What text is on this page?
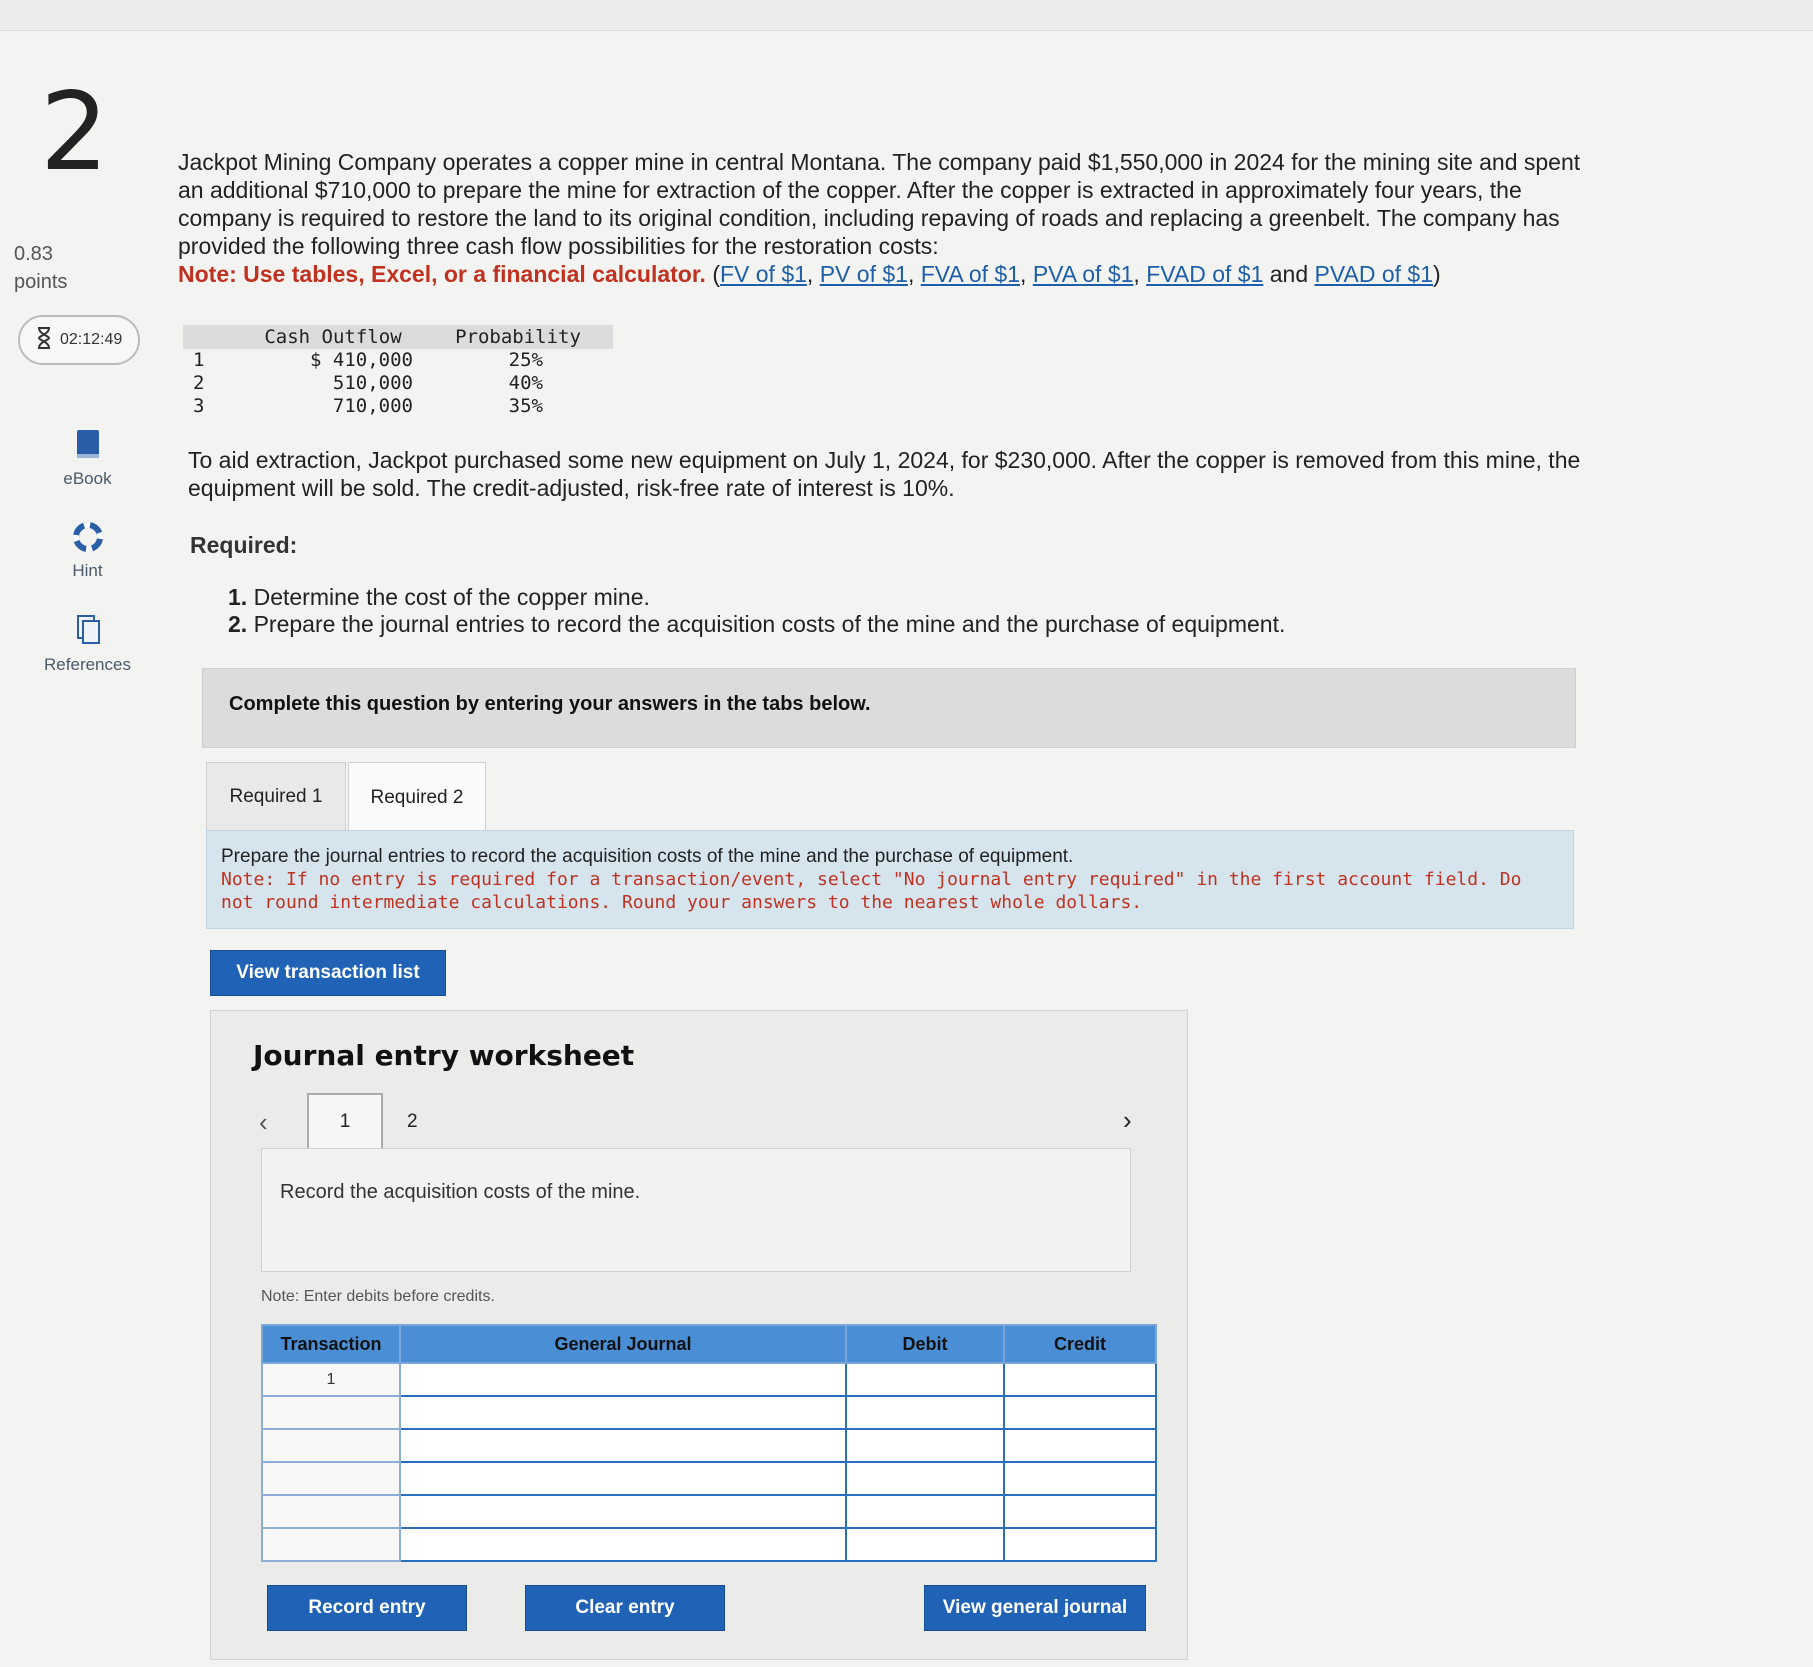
2
0.83
points
02:12:49
eBook
Hint
References
Jackpot Mining Company operates a copper mine in central Montana. The company paid $1,550,000 in 2024 for the mining site and spent an additional $710,000 to prepare the mine for extraction of the copper. After the copper is extracted in approximately four years, the company is required to restore the land to its original condition, including repaving of roads and replacing a greenbelt. The company has provided the following three cash flow possibilities for the restoration costs:
Note: Use tables, Excel, or a financial calculator. (FV of $1, PV of $1, FVA of $1, PVA of $1, FVAD of $1 and PVAD of $1)
	Cash Outflow	Probability
1	$ 410,000	25%
2	510,000	40%
3	710,000	35%
To aid extraction, Jackpot purchased some new equipment on July 1, 2024, for $230,000. After the copper is removed from this mine, the equipment will be sold. The credit-adjusted, risk-free rate of interest is 10%.
Required:
1. Determine the cost of the copper mine.
2. Prepare the journal entries to record the acquisition costs of the mine and the purchase of equipment.
Complete this question by entering your answers in the tabs below.
Required 1	Required 2
Prepare the journal entries to record the acquisition costs of the mine and the purchase of equipment.
Note: If no entry is required for a transaction/event, select "No journal entry required" in the first account field. Do not round intermediate calculations. Round your answers to the nearest whole dollars.
View transaction list
Journal entry worksheet
‹	1	2	›
Record the acquisition costs of the mine.
Note: Enter debits before credits.
Transaction	General Journal	Debit	Credit
1			

Record entry	Clear entry	View general journal
